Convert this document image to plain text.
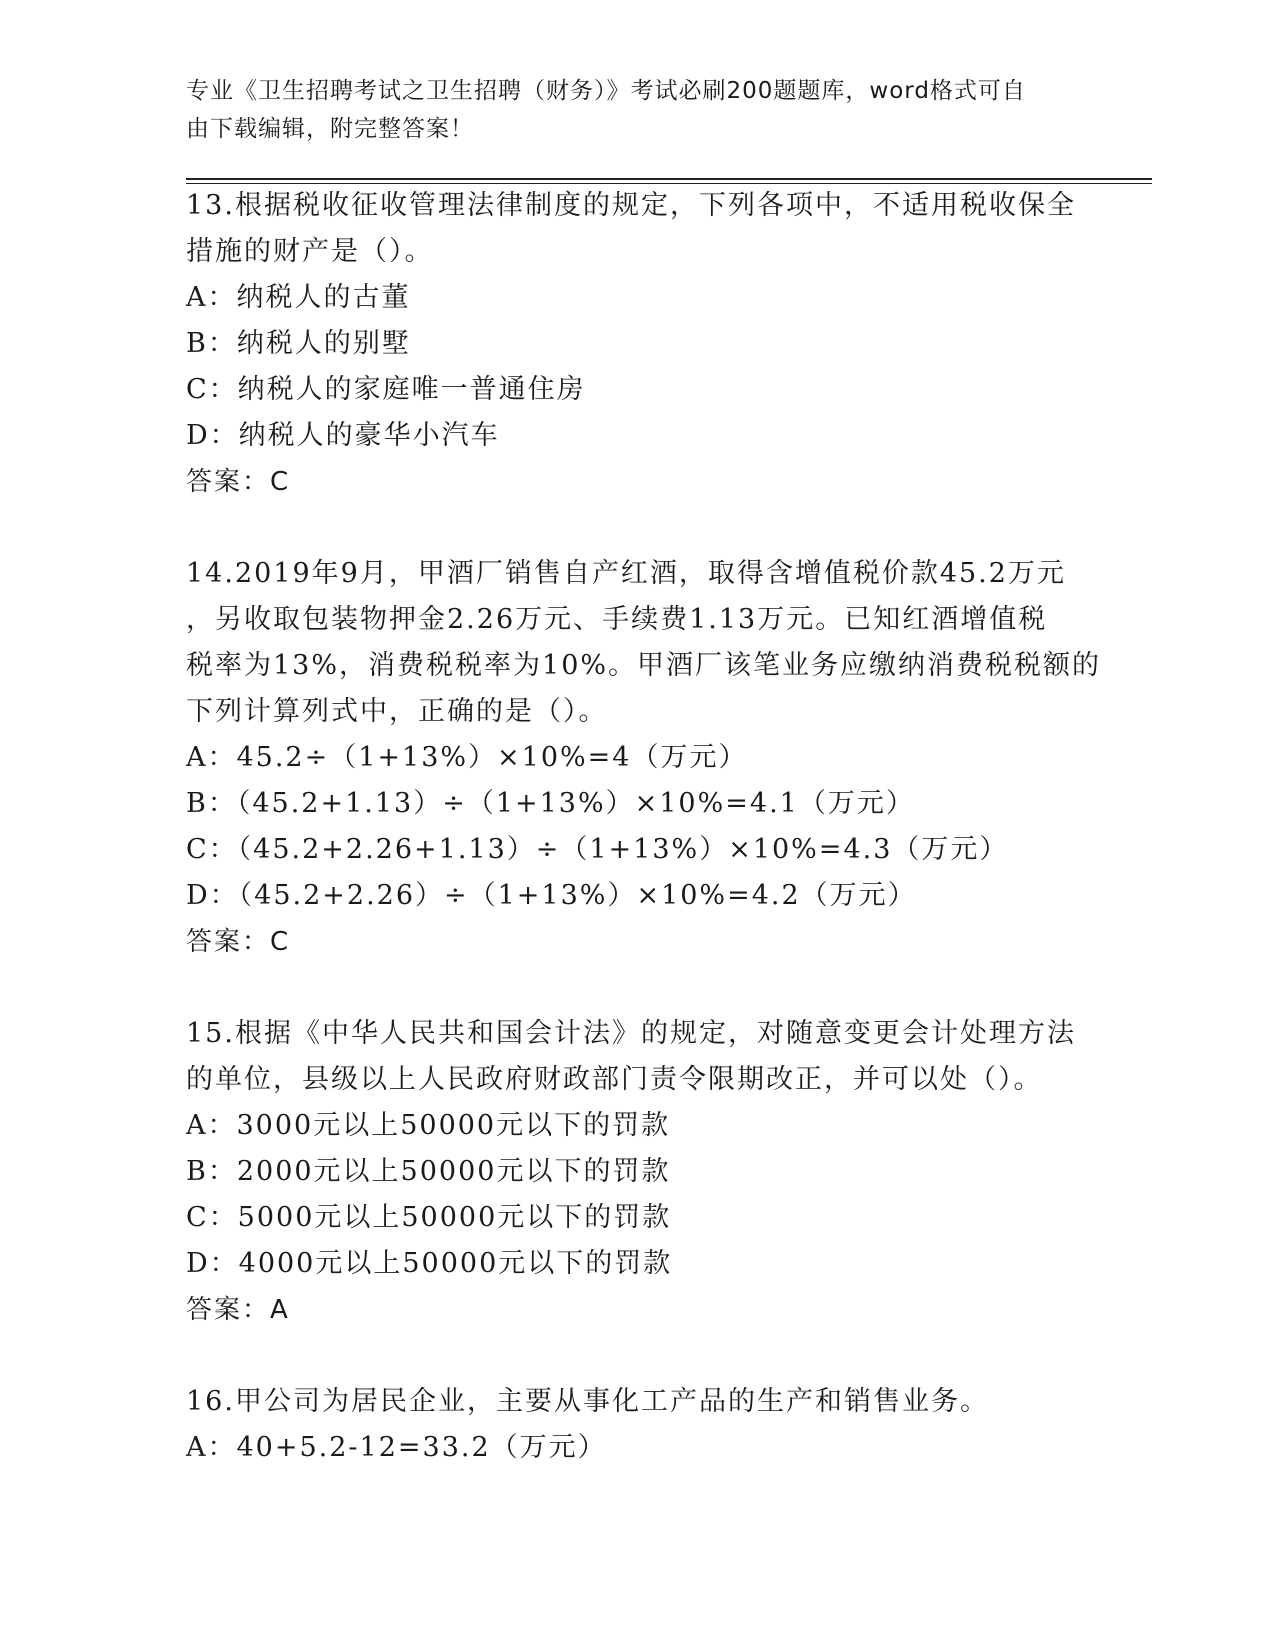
专业《卫生招聘考试之卫生招聘（财务）》考试必刷200题题库，word格式可自
由下载编辑，附完整答案！
13.根据税收征收管理法律制度的规定，下列各项中，不适用税收保全
措施的财产是（）。
A：纳税人的古董
B：纳税人的别墅
C：纳税人的家庭唯一普通住房
D：纳税人的豪华小汽车
答案：C
14.2019年9月，甲酒厂销售自产红酒，取得含增值税价款45.2万元
，另收取包装物押金2.26万元、手续费1.13万元。已知红酒增值税
税率为13%，消费税税率为10%。甲酒厂该笔业务应缴纳消费税税额的
下列计算列式中，正确的是（）。
A：45.2÷（1+13%）×10%=4（万元）
B：（45.2+1.13）÷（1+13%）×10%=4.1（万元）
C：（45.2+2.26+1.13）÷（1+13%）×10%=4.3（万元）
D：（45.2+2.26）÷（1+13%）×10%=4.2（万元）
答案：C
15.根据《中华人民共和国会计法》的规定，对随意变更会计处理方法
的单位，县级以上人民政府财政部门责令限期改正，并可以处（）。
A：3000元以上50000元以下的罚款
B：2000元以上50000元以下的罚款
C：5000元以上50000元以下的罚款
D：4000元以上50000元以下的罚款
答案：A
16.甲公司为居民企业，主要从事化工产品的生产和销售业务。
A：40+5.2-12=33.2（万元）
